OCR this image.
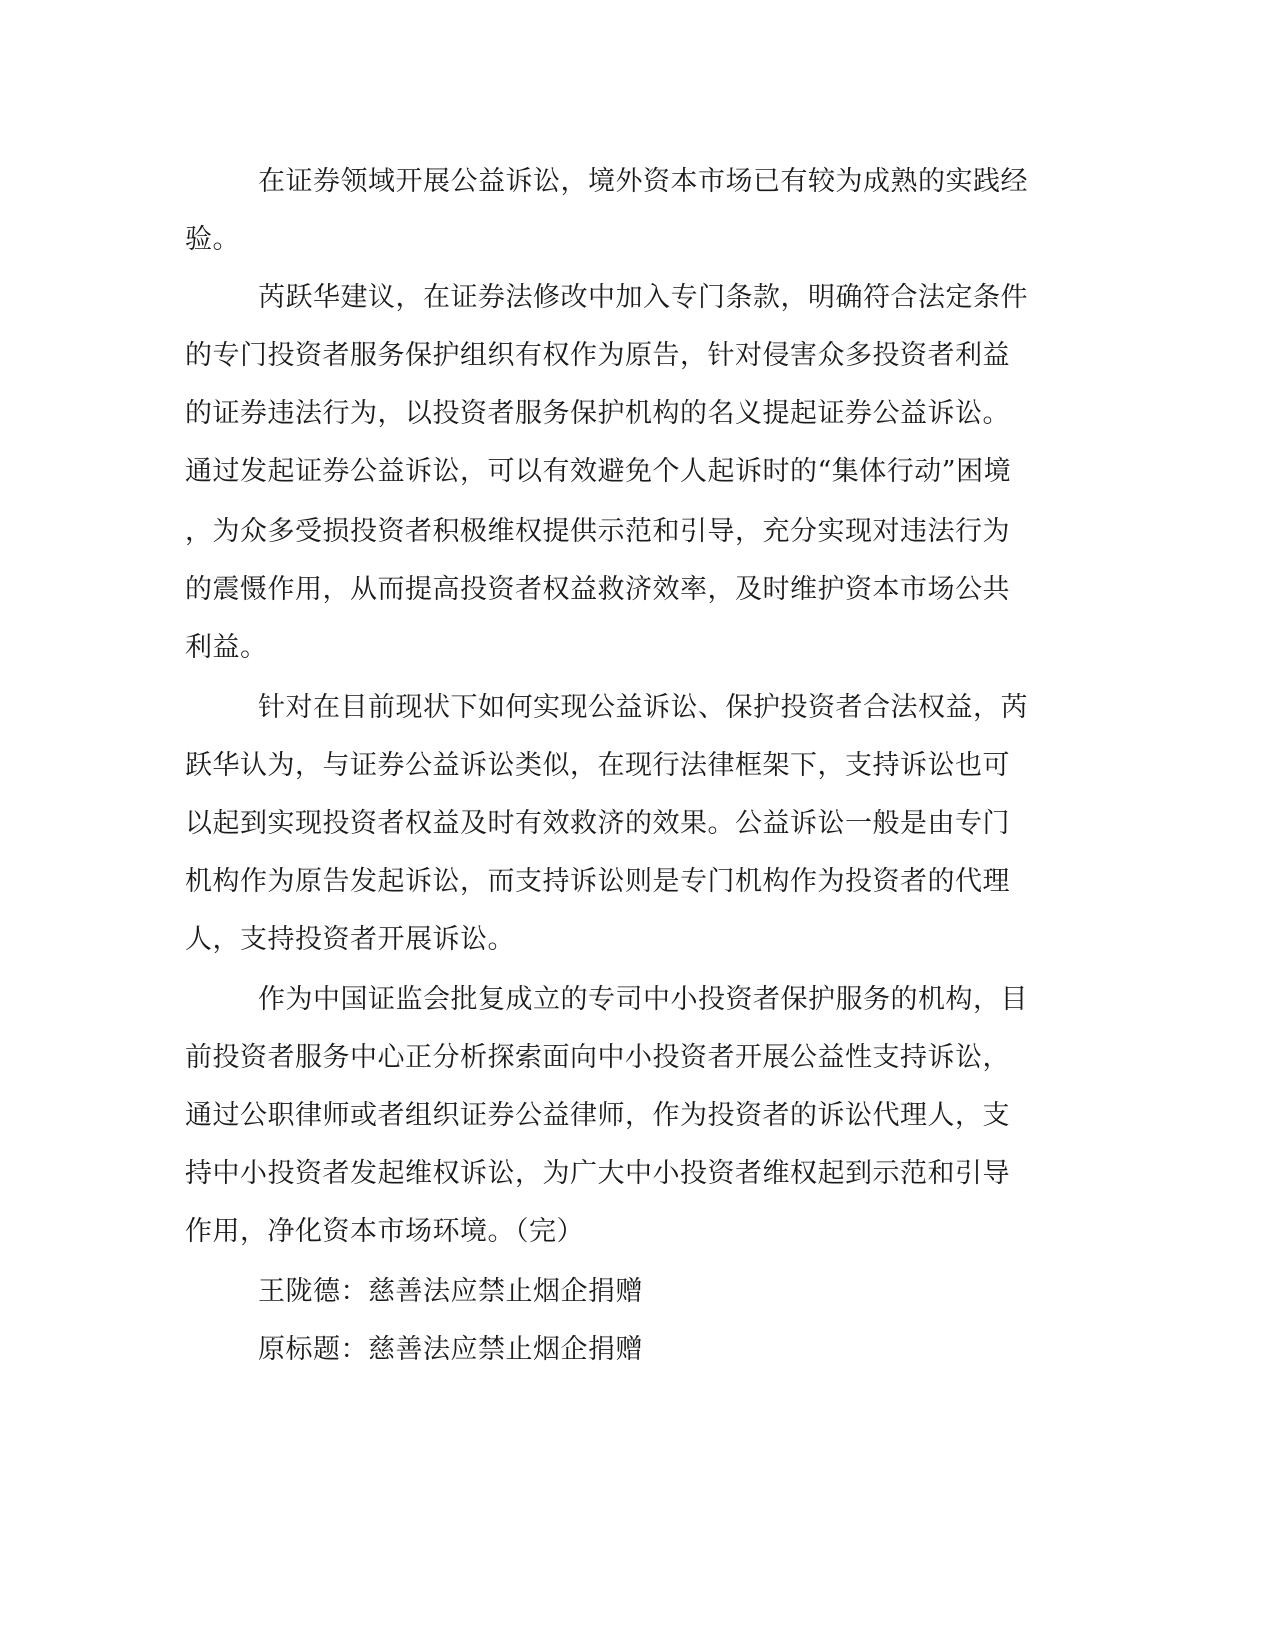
在证券领域开展公益诉讼，境外资本市场已有较为成熟的实践经

验。

芮跃华建议，在证券法修改中加入专门条款，明确符合法定条件

的专门投资者服务保护组织有权作为原告，针对侵害众多投资者利益

的证券违法行为，以投资者服务保护机构的名义提起证券公益诉讼。

通过发起证券公益诉讼，可以有效避免个人起诉时的“集体行动”困境

，为众多受损投资者积极维权提供示范和引导，充分实现对违法行为

的震慑作用，从而提高投资者权益救济效率，及时维护资本市场公共

利益。

针对在目前现状下如何实现公益诉讼、保护投资者合法权益，芮

跃华认为，与证券公益诉讼类似，在现行法律框架下，支持诉讼也可

以起到实现投资者权益及时有效救济的效果。公益诉讼一般是由专门

机构作为原告发起诉讼，而支持诉讼则是专门机构作为投资者的代理

人，支持投资者开展诉讼。

作为中国证监会批复成立的专司中小投资者保护服务的机构，目

前投资者服务中心正分析探索面向中小投资者开展公益性支持诉讼，

通过公职律师或者组织证券公益律师，作为投资者的诉讼代理人，支

持中小投资者发起维权诉讼，为广大中小投资者维权起到示范和引导

作用，净化资本市场环境。（完）

王陇德：慈善法应禁止烟企捐赠

原标题：慈善法应禁止烟企捐赠
